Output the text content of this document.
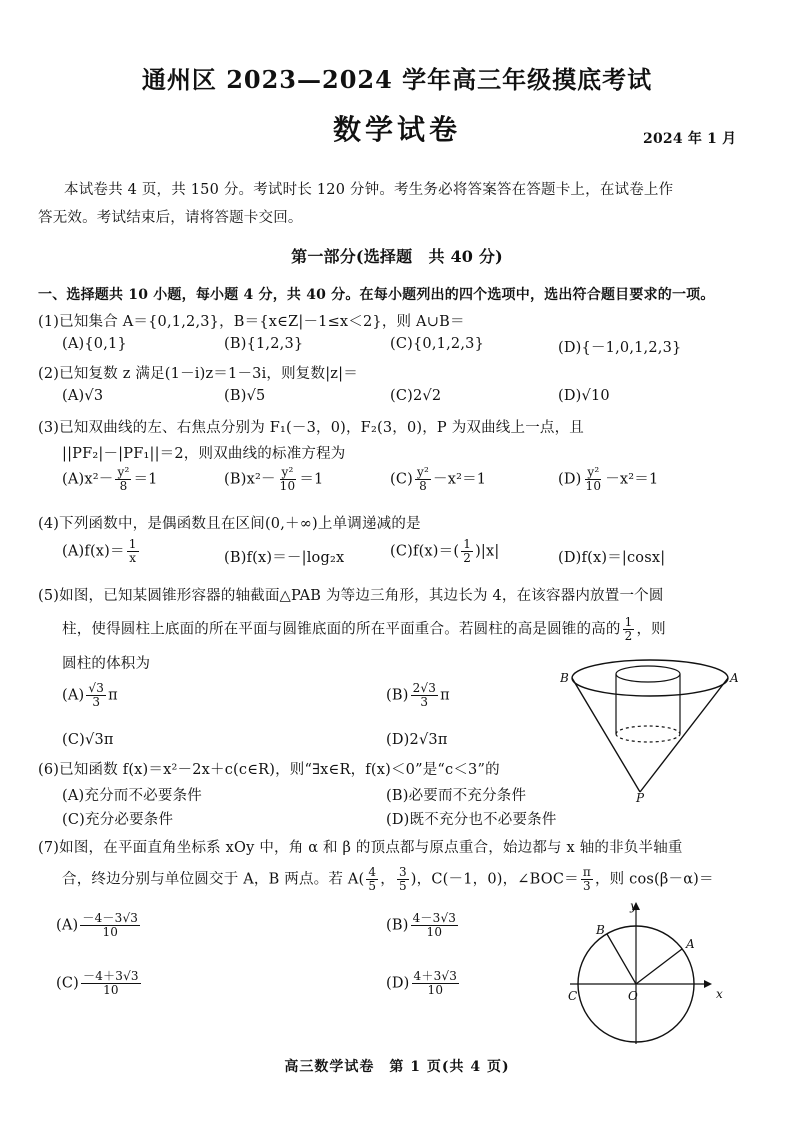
通州区 2023—2024 学年高三年级摸底考试
数学试卷	2024 年 1 月
本试卷共 4 页，共 150 分。考试时长 120 分钟。考生务必将答案答在答题卡上，在试卷上作
答无效。考试结束后，请将答题卡交回。
第一部分(选择题　共 40 分)
一、选择题共 10 小题，每小题 4 分，共 40 分。在每小题列出的四个选项中，选出符合题目要求的一项。
(1)已知集合 A＝{0,1,2,3}，B＝{x∈Z|－1≤x＜2}，则 A∪B＝
(A){0,1}	(B){1,2,3}	(C){0,1,2,3}	(D){－1,0,1,2,3}
(2)已知复数 z 满足(1－i)z＝1－3i，则复数|z|＝
(A)√3	(B)√5	(C)2√2	(D)√10
(3)已知双曲线的左、右焦点分别为 F₁(－3，0)，F₂(3，0)，P 为双曲线上一点，且
||PF₂|－|PF₁||＝2，则双曲线的标准方程为
$(A)x^2- \frac{\text{y²}}{8} =1$	$(B)x^2- \frac{\text{y²}}{10} =1$	$(C) \frac{\text{y²}}{8} -x^2=1$	$(D) \frac{\text{y²}}{10} -x^2=1$
(4)下列函数中，是偶函数且在区间(0,＋∞)上单调递减的是
$(A)f(x)= \frac{1}{x}$	(B)f(x)＝－|log₂x	$(C)f(x)=( \frac{1}{2} )|x|$	(D)f(x)＝|cosx|
(5)如图，已知某圆锥形容器的轴截面△PAB 为等边三角形，其边长为 4，在该容器内放置一个圆
柱，使得圆柱上底面的所在平面与圆锥底面的所在平面重合。若圆柱的高是圆锥的高的 $\frac{1}{2}$ ，则
圆柱的体积为
$(A) \frac{√3}{3}$ π	$(B) \frac{2√3}{3}$ π
(C)√3π	(D)2√3π
B	A
P
(6)已知函数 f(x)＝x²－2x＋c(c∈R)，则“∃x∈R，f(x)＜0”是“c＜3”的
(A)充分而不必要条件	(B)必要而不充分条件
(C)充分必要条件	(D)既不充分也不必要条件
(7)如图，在平面直角坐标系 xOy 中，角 α 和 β 的顶点都与原点重合，始边都与 x 轴的非负半轴重
合，终边分别与单位圆交于 A，B 两点。若 $A( \frac{4}{5}$ ， $\frac{3}{5}$ )，C(－1，0)，∠BOC＝ $\frac{\pi}{3}$ ，则 cos(β－α)＝
$(A) \frac{-4-3√3}{10}$	$(B) \frac{4-3√3}{10}$
$(C) \frac{-4+3√3}{10}$	$(D) \frac{4+3√3}{10}$
y
B
A
C	O	x
高三数学试卷　第 1 页(共 4 页)
